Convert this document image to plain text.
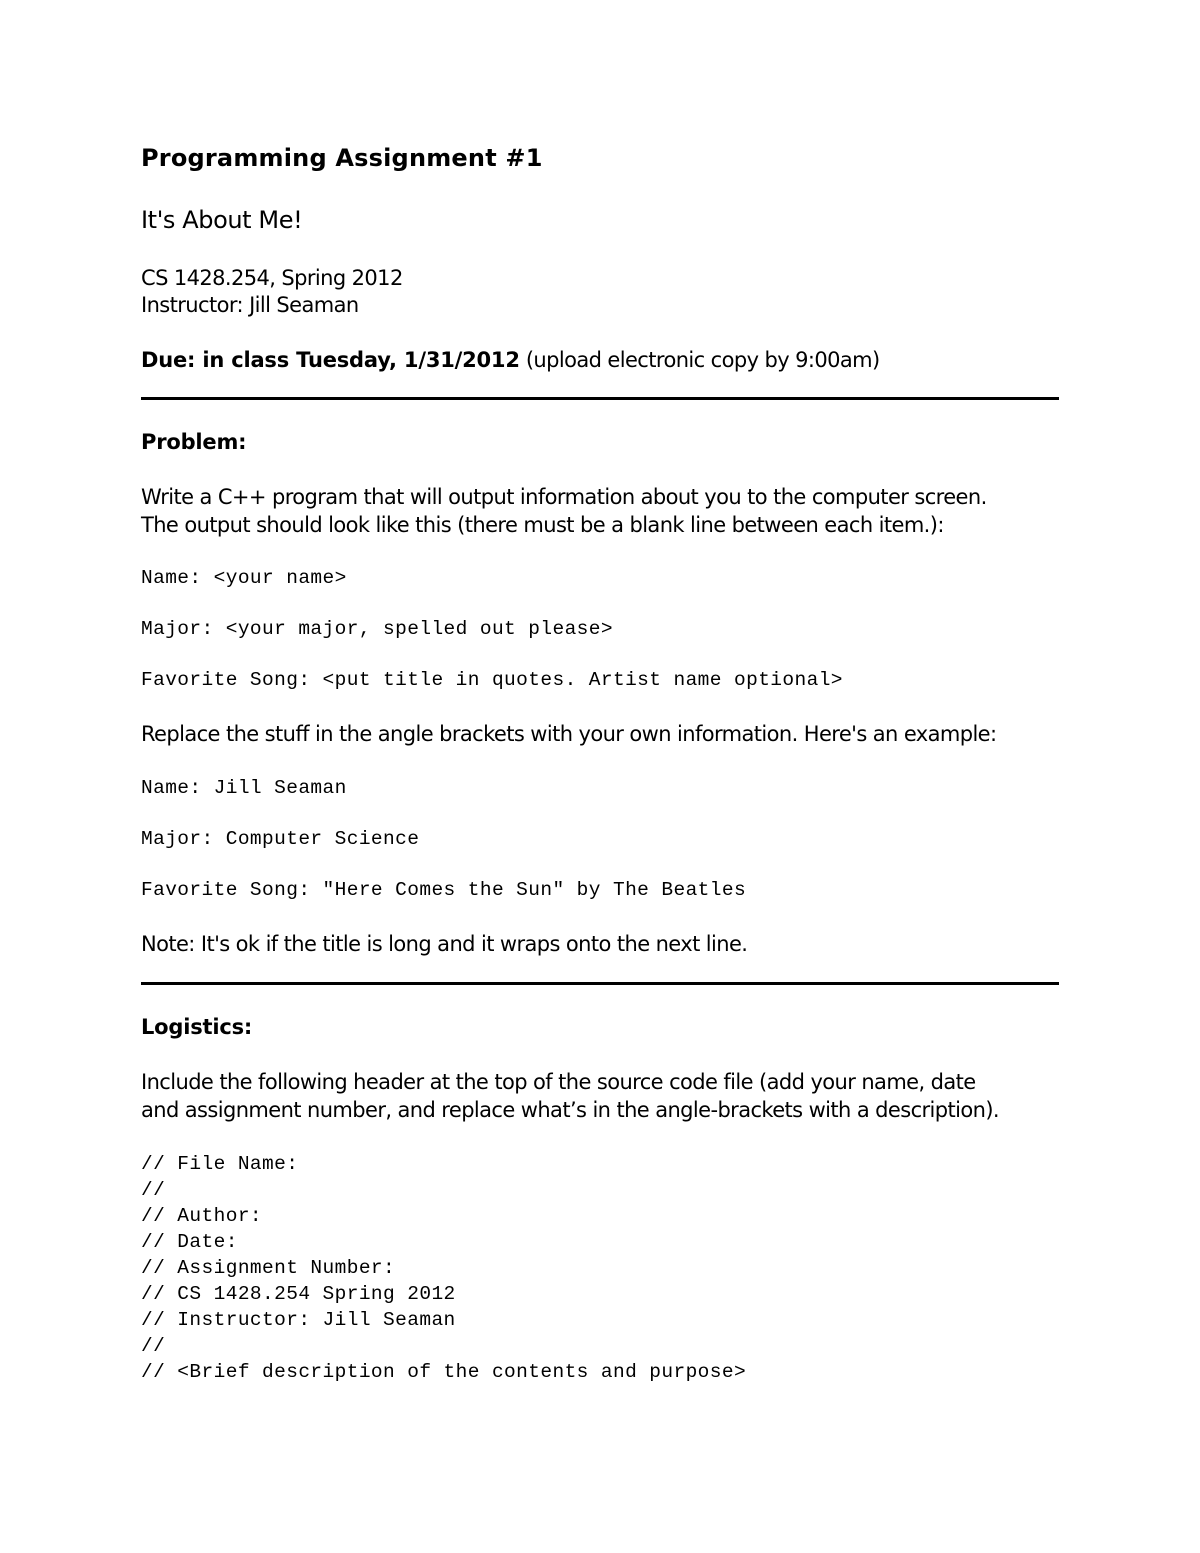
Programming Assignment #1
It's About Me!
CS 1428.254, Spring 2012
Instructor: Jill Seaman
Due: in class Tuesday, 1/31/2012 (upload electronic copy by 9:00am)
Problem:
Write a C++ program that will output information about you to the computer screen.
The output should look like this (there must be a blank line between each item.):
Name: <your name>
Major: <your major, spelled out please>
Favorite Song: <put title in quotes. Artist name optional>
Replace the stuff in the angle brackets with your own information. Here's an example:
Name: Jill Seaman
Major: Computer Science
Favorite Song: "Here Comes the Sun" by The Beatles
Note: It's ok if the title is long and it wraps onto the next line.
Logistics:
Include the following header at the top of the source code file (add your name, date
and assignment number, and replace what’s in the angle-brackets with a description).
// File Name:
//
// Author:
// Date:
// Assignment Number:
// CS 1428.254 Spring 2012
// Instructor: Jill Seaman
//
// <Brief description of the contents and purpose>
